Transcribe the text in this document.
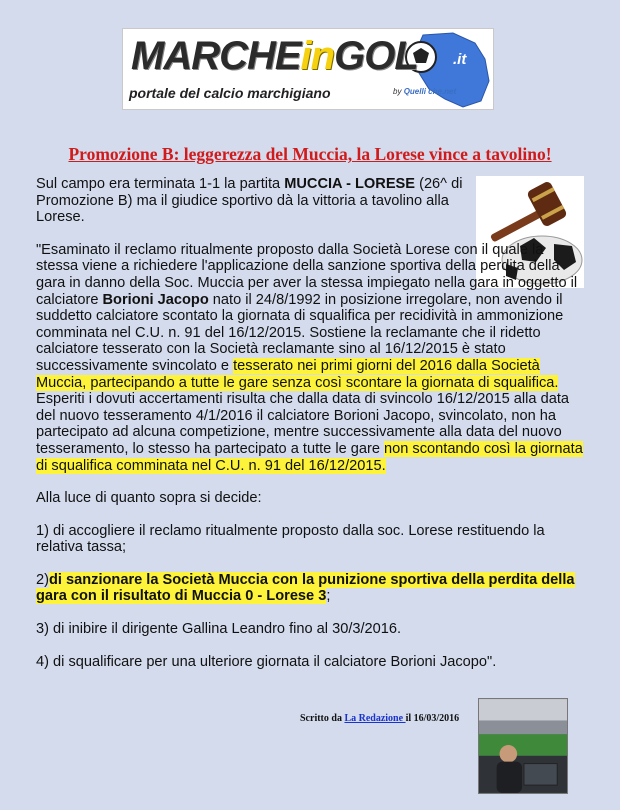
MARCHEinGOL .it
portale del calcio marchigiano	by Quelli che.net
Promozione B: leggerezza del Muccia, la Lorese vince a tavolino!

Sul campo era terminata 1-1 la partita MUCCIA - LORESE (26^ di Promozione B) ma il giudice sportivo dà la vittoria a tavolino alla Lorese.

"Esaminato il reclamo ritualmente proposto dalla Società Lorese con il quale la stessa viene a richiedere l'applicazione della sanzione sportiva della perdita della gara in danno della Soc. Muccia per aver la stessa impiegato nella gara in oggetto il calciatore Borioni Jacopo nato il 24/8/1992 in posizione irregolare, non avendo il suddetto calciatore scontato la giornata di squalifica per recidività in ammonizione comminata nel C.U. n. 91 del 16/12/2015. Sostiene la reclamante che il ridetto calciatore tesserato con la Società reclamante sino al 16/12/2015 è stato successivamente svincolato e tesserato nei primi giorni del 2016 dalla Società Muccia, partecipando a tutte le gare senza così scontare la giornata di squalifica. Esperiti i dovuti accertamenti risulta che dalla data di svincolo 16/12/2015 alla data del nuovo tesseramento 4/1/2016 il calciatore Borioni Jacopo, svincolato, non ha partecipato ad alcuna competizione, mentre successivamente alla data del nuovo tesseramento, lo stesso ha partecipato a tutte le gare non scontando così la giornata di squalifica comminata nel C.U. n. 91 del 16/12/2015.

Alla luce di quanto sopra si decide:

1) di accogliere il reclamo ritualmente proposto dalla soc. Lorese restituendo la relativa tassa;

2)di sanzionare la Società Muccia con la punizione sportiva della perdita della gara con il risultato di Muccia 0 - Lorese 3;

3) di inibire il dirigente Gallina Leandro fino al 30/3/2016.

4) di squalificare per una ulteriore giornata il calciatore Borioni Jacopo".

Scritto da La Redazione il 16/03/2016
